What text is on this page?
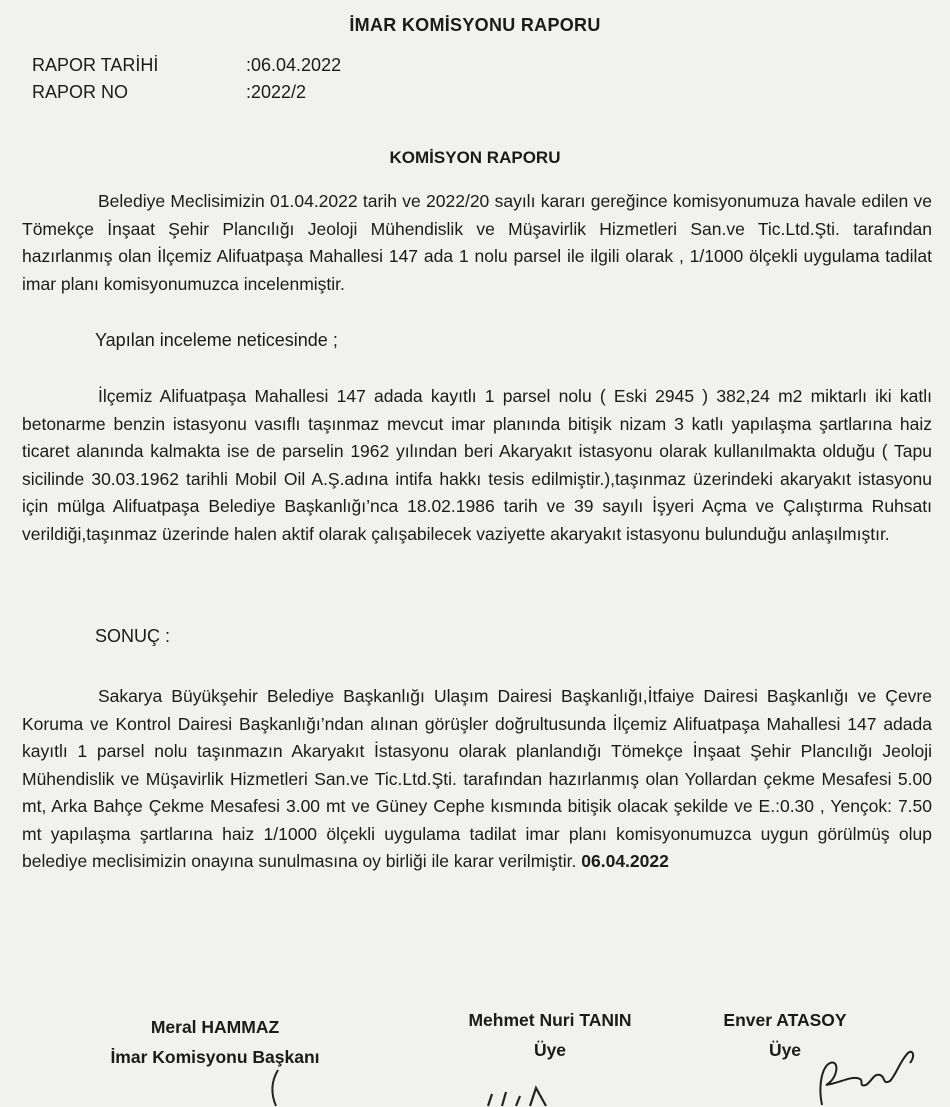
İMAR KOMİSYONU RAPORU
RAPOR TARİHİ	:06.04.2022
RAPOR NO	:2022/2
KOMİSYON RAPORU

Belediye Meclisimizin 01.04.2022 tarih ve 2022/20 sayılı kararı gereğince komisyonumuza havale edilen ve Tömekçe İnşaat Şehir Plancılığı Jeoloji Mühendislik ve Müşavirlik Hizmetleri San.ve Tic.Ltd.Şti. tarafından hazırlanmış olan İlçemiz Alifuatpaşa Mahallesi 147 ada 1 nolu parsel ile ilgili olarak , 1/1000 ölçekli uygulama tadilat imar planı komisyonumuzca incelenmiştir.

Yapılan inceleme neticesinde ;

İlçemiz Alifuatpaşa Mahallesi 147 adada kayıtlı 1 parsel nolu ( Eski 2945 ) 382,24 m2 miktarlı iki katlı betonarme benzin istasyonu vasıflı taşınmaz mevcut imar planında bitişik nizam 3 katlı yapılaşma şartlarına haiz ticaret alanında kalmakta ise de parselin 1962 yılından beri Akaryakıt istasyonu olarak kullanılmakta olduğu ( Tapu sicilinde 30.03.1962 tarihli Mobil Oil A.Ş.adına intifa hakkı tesis edilmiştir.),taşınmaz üzerindeki akaryakıt istasyonu için mülga Alifuatpaşa Belediye Başkanlığı’nca 18.02.1986 tarih ve 39 sayılı İşyeri Açma ve Çalıştırma Ruhsatı verildiği,taşınmaz üzerinde halen aktif olarak çalışabilecek vaziyette akaryakıt istasyonu bulunduğu anlaşılmıştır.

SONUÇ :

Sakarya Büyükşehir Belediye Başkanlığı Ulaşım Dairesi Başkanlığı,İtfaiye Dairesi Başkanlığı ve Çevre Koruma ve Kontrol Dairesi Başkanlığı’ndan alınan görüşler doğrultusunda İlçemiz Alifuatpaşa Mahallesi 147 adada kayıtlı 1 parsel nolu taşınmazın Akaryakıt İstasyonu olarak planlandığı Tömekçe İnşaat Şehir Plancılığı Jeoloji Mühendislik ve Müşavirlik Hizmetleri San.ve Tic.Ltd.Şti. tarafından hazırlanmış olan Yollardan çekme Mesafesi 5.00 mt, Arka Bahçe Çekme Mesafesi 3.00 mt ve Güney Cephe kısmında bitişik olacak şekilde ve E.:0.30 , Yençok: 7.50 mt yapılaşma şartlarına haiz 1/1000 ölçekli uygulama tadilat imar planı komisyonumuzca uygun görülmüş olup belediye meclisimizin onayına sunulmasına oy birliği ile karar verilmiştir. 06.04.2022

Meral HAMMAZ
İmar Komisyonu Başkanı
Mehmet Nuri TANIN
Üye
Enver ATASOY
Üye
